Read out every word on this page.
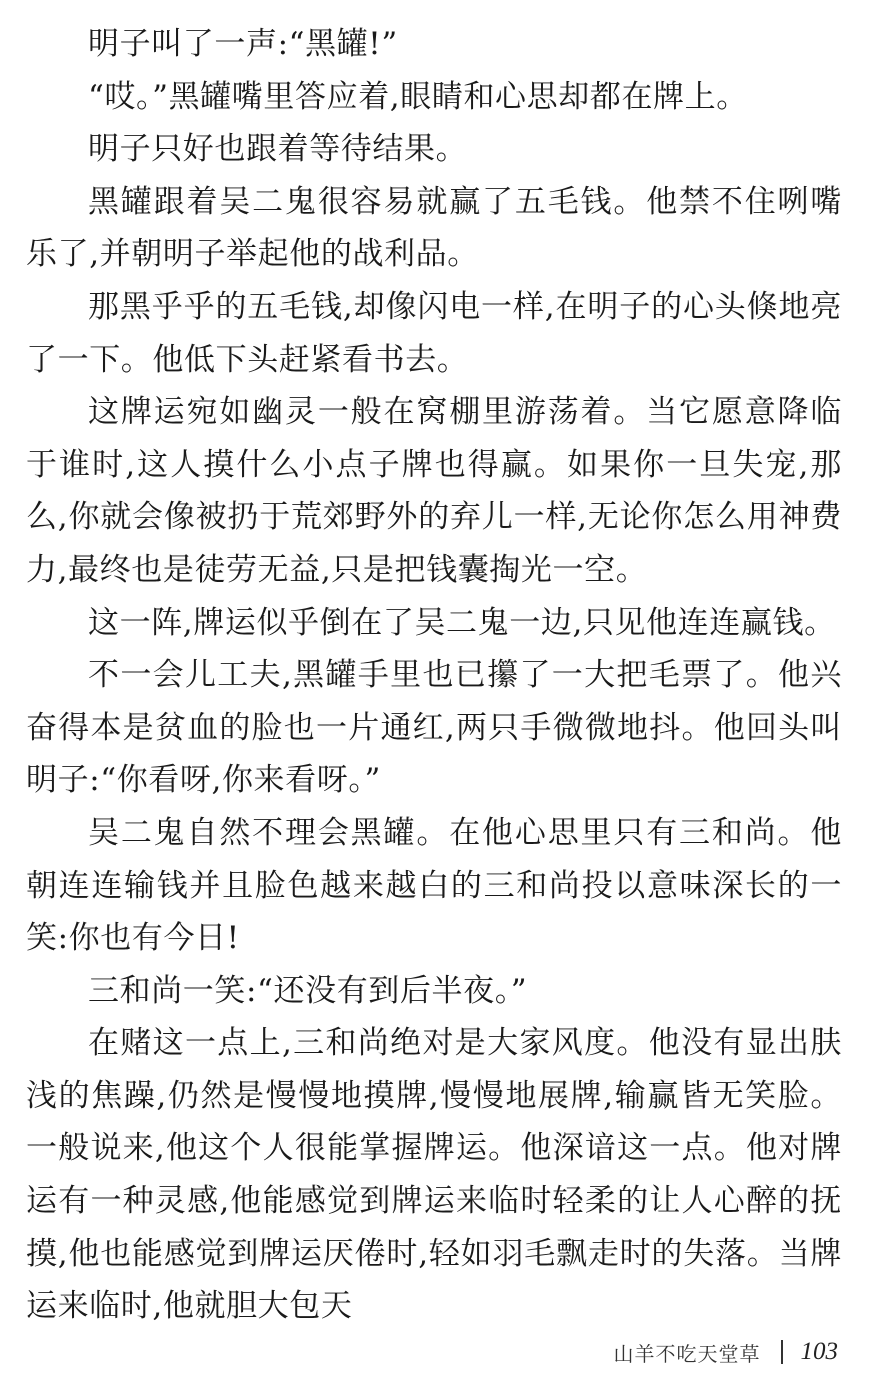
明子叫了一声:“黑罐!”

“哎。”黑罐嘴里答应着,眼睛和心思却都在牌上。

明子只好也跟着等待结果。

黑罐跟着吴二鬼很容易就赢了五毛钱。他禁不住咧嘴乐了,并朝明子举起他的战利品。

那黑乎乎的五毛钱,却像闪电一样,在明子的心头倏地亮了一下。他低下头赶紧看书去。

这牌运宛如幽灵一般在窝棚里游荡着。当它愿意降临于谁时,这人摸什么小点子牌也得赢。如果你一旦失宠,那么,你就会像被扔于荒郊野外的弃儿一样,无论你怎么用神费力,最终也是徒劳无益,只是把钱囊掏光一空。

这一阵,牌运似乎倒在了吴二鬼一边,只见他连连赢钱。

不一会儿工夫,黑罐手里也已攥了一大把毛票了。他兴奋得本是贫血的脸也一片通红,两只手微微地抖。他回头叫明子:“你看呀,你来看呀。”

吴二鬼自然不理会黑罐。在他心思里只有三和尚。他朝连连输钱并且脸色越来越白的三和尚投以意味深长的一笑:你也有今日!

三和尚一笑:“还没有到后半夜。”

在赌这一点上,三和尚绝对是大家风度。他没有显出肤浅的焦躁,仍然是慢慢地摸牌,慢慢地展牌,输赢皆无笑脸。一般说来,他这个人很能掌握牌运。他深谙这一点。他对牌运有一种灵感,他能感觉到牌运来临时轻柔的让人心醉的抚摸,他也能感觉到牌运厌倦时,轻如羽毛飘走时的失落。当牌运来临时,他就胆大包天

山羊不吃天堂草 103
